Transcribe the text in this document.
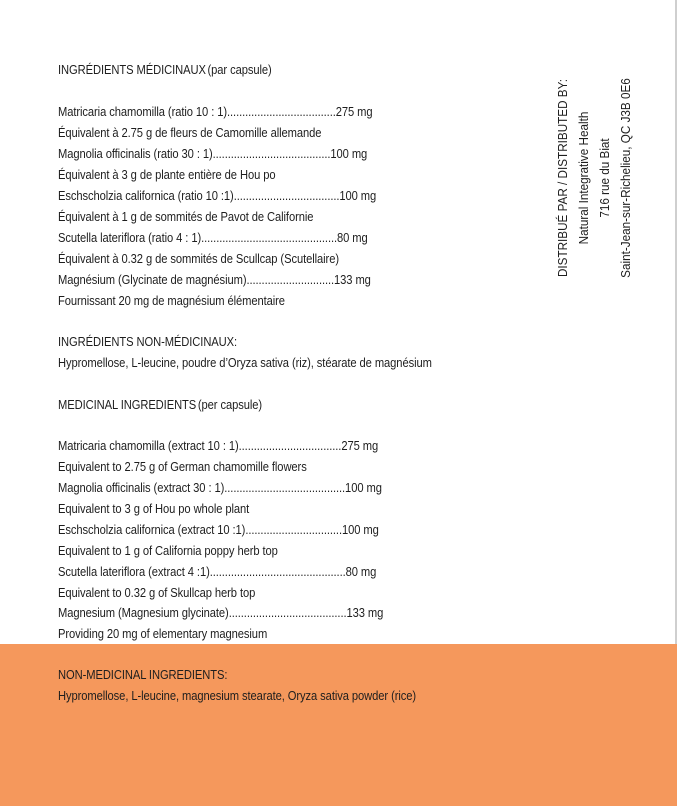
INGRÉDIENTS MÉDICINAUX (par capsule)
Matricaria chamomilla (ratio 10 : 1)....................................275 mg
Équivalent à 2.75 g de fleurs de Camomille allemande
Magnolia officinalis (ratio 30 : 1).......................................100 mg
Équivalent à 3 g de plante entière de Hou po
Eschscholzia californica (ratio 10 :1)...................................100 mg
Équivalent à 1 g de sommités de Pavot de Californie
Scutella lateriflora (ratio 4 : 1).............................................80 mg
Équivalent à 0.32 g de sommités de Scullcap (Scutellaire)
Magnésium (Glycinate de magnésium).............................133 mg
Fournissant 20 mg de magnésium élémentaire
INGRÉDIENTS NON-MÉDICINAUX:
Hypromellose, L-leucine, poudre d’Oryza sativa (riz), stéarate de magnésium
MEDICINAL INGREDIENTS (per capsule)
Matricaria chamomilla (extract 10 : 1)..................................275 mg
Equivalent to 2.75 g of German chamomille flowers
Magnolia officinalis (extract 30 : 1)........................................100 mg
Equivalent to 3 g of Hou po whole plant
Eschscholzia californica (extract 10 :1)................................100 mg
Equivalent to 1 g of California poppy herb top
Scutella lateriflora (extract 4 :1).............................................80 mg
Equivalent to 0.32 g of Skullcap herb top
Magnesium (Magnesium glycinate).......................................133 mg
Providing 20 mg of elementary magnesium
NON-MEDICINAL INGREDIENTS:
Hypromellose, L-leucine, magnesium stearate, Oryza sativa powder (rice)
DISTRIBUÉ PAR / DISTRIBUTED BY: Natural Integrative Health 716 rue du Biat Saint-Jean-sur-Richelieu, QC J3B 0E6
